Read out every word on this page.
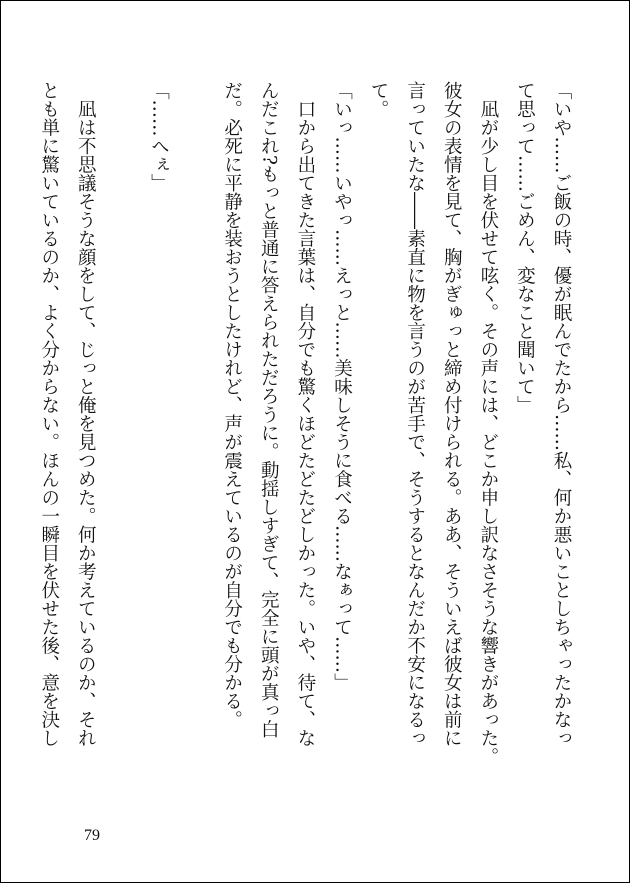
「いや……ご飯の時、優が眠んでたから……私、何か悪いことしちゃったかなっ
て思って……ごめん、変なこと聞いて」
　凪が少し目を伏せて呟く。その声には、どこか申し訳なさそうな響きがあった。
彼女の表情を見て、胸がぎゅっと締め付けられる。ああ、そういえば彼女は前に
言っていたな――素直に物を言うのが苦手で、そうするとなんだか不安になるっ
て。
「いっ……いやっ……えっと……美味しそうに食べる……なぁって……」
　口から出てきた言葉は、自分でも驚くほどたどたどしかった。いや、待て、な
んだこれ?もっと普通に答えられただろうに。動揺しすぎて、完全に頭が真っ白
だ。必死に平静を装おうとしたけれど、声が震えているのが自分でも分かる。
「……へぇ」
　凪は不思議そうな顔をして、じっと俺を見つめた。何か考えているのか、それ
とも単に驚いているのか、よく分からない。ほんの一瞬目を伏せた後、意を決し
79
